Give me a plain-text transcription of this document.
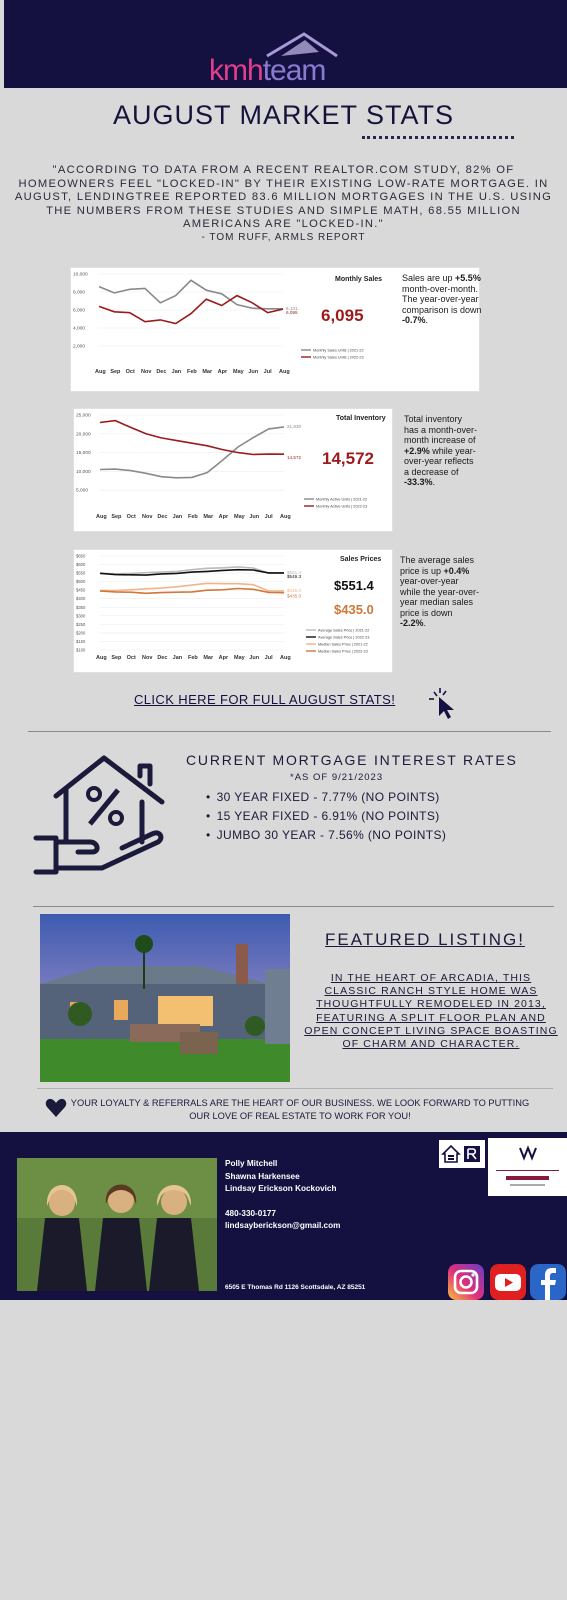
kmhteam
AUGUST MARKET STATS
"ACCORDING TO DATA FROM A RECENT REALTOR.COM STUDY, 82% OF HOMEOWNERS FEEL "LOCKED-IN" BY THEIR EXISTING LOW-RATE MORTGAGE. IN AUGUST, LENDINGTREE REPORTED 83.6 MILLION MORTGAGES IN THE U.S. USING THE NUMBERS FROM THESE STUDIES AND SIMPLE MATH, 68.55 MILLION AMERICANS ARE "LOCKED-IN."
- TOM RUFF, ARMLS REPORT
10,000
8,000
6,000
4,000
2,000
Aug Sep Oct Nov Dec Jan Feb Mar Apr May Jun Jul Aug
Monthly Sales Units | 2021-22
Monthly Sales Units | 2022-23
6,131
6,095
Monthly Sales
6,095
Sales are up +5.5% month-over-month. The year-over-year comparison is down -0.7%.
25,000
20,000
15,000
10,000
5,000
Aug Sep Oct Nov Dec Jan Feb Mar Apr May Jun Jul Aug
Monthly Active Units | 2021-22
Monthly Active Units | 2022-23
21,830
14,572
Total Inventory
14,572
Total inventory has a month-over-month increase of +2.9% while year-over-year reflects a decrease of -33.3%.
$650
$600
$550
$500
$450
$400
$350
$300
$250
$200
$150
$100
Aug Sep Oct Nov Dec Jan Feb Mar Apr May Jun Jul Aug
Average Sales Price | 2021-22
Average Sales Price | 2022-23
Median Sales Price | 2021-22
Median Sales Price | 2022-23
$551.4
$549.3
$445.0
$435.0
Sales Prices
$551.4
$435.0
The average sales price is up +0.4% year-over-year while the year-over-year median sales price is down -2.2%.
CLICK HERE FOR FULL AUGUST STATS!
CURRENT MORTGAGE INTEREST RATES
*AS OF 9/21/2023
• 30 YEAR FIXED - 7.77% (NO POINTS)
• 15 YEAR FIXED - 6.91% (NO POINTS)
• JUMBO 30 YEAR - 7.56% (NO POINTS)
FEATURED LISTING!
IN THE HEART OF ARCADIA, THIS CLASSIC RANCH STYLE HOME WAS THOUGHTFULLY REMODELED IN 2013, FEATURING A SPLIT FLOOR PLAN AND OPEN CONCEPT LIVING SPACE BOASTING OF CHARM AND CHARACTER.
YOUR LOYALTY & REFERRALS ARE THE HEART OF OUR BUSINESS. WE LOOK FORWARD TO PUTTING OUR LOVE OF REAL ESTATE TO WORK FOR YOU!
Polly Mitchell
Shawna Harkensee
Lindsay Erickson Kockovich
480-330-0177
lindsayberickson@gmail.com
6505 E Thomas Rd 1126 Scottsdale, AZ 85251
